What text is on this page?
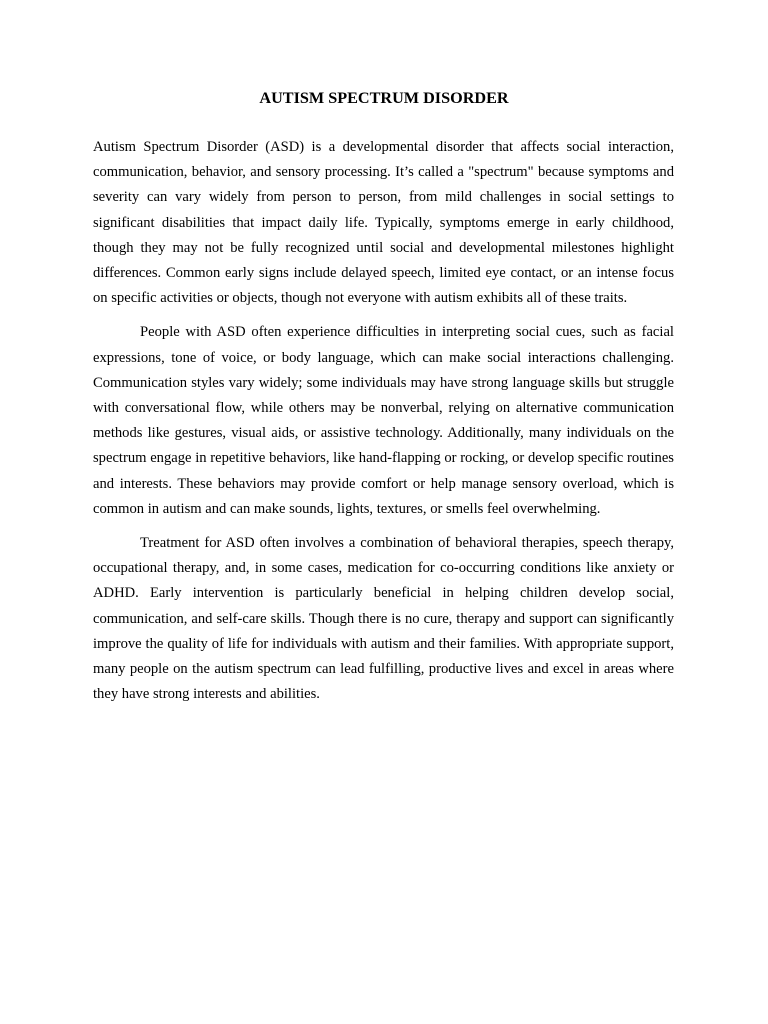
AUTISM SPECTRUM DISORDER

Autism Spectrum Disorder (ASD) is a developmental disorder that affects social interaction, communication, behavior, and sensory processing. It’s called a "spectrum" because symptoms and severity can vary widely from person to person, from mild challenges in social settings to significant disabilities that impact daily life. Typically, symptoms emerge in early childhood, though they may not be fully recognized until social and developmental milestones highlight differences. Common early signs include delayed speech, limited eye contact, or an intense focus on specific activities or objects, though not everyone with autism exhibits all of these traits.

People with ASD often experience difficulties in interpreting social cues, such as facial expressions, tone of voice, or body language, which can make social interactions challenging. Communication styles vary widely; some individuals may have strong language skills but struggle with conversational flow, while others may be nonverbal, relying on alternative communication methods like gestures, visual aids, or assistive technology. Additionally, many individuals on the spectrum engage in repetitive behaviors, like hand-flapping or rocking, or develop specific routines and interests. These behaviors may provide comfort or help manage sensory overload, which is common in autism and can make sounds, lights, textures, or smells feel overwhelming.

Treatment for ASD often involves a combination of behavioral therapies, speech therapy, occupational therapy, and, in some cases, medication for co-occurring conditions like anxiety or ADHD. Early intervention is particularly beneficial in helping children develop social, communication, and self-care skills. Though there is no cure, therapy and support can significantly improve the quality of life for individuals with autism and their families. With appropriate support, many people on the autism spectrum can lead fulfilling, productive lives and excel in areas where they have strong interests and abilities.
